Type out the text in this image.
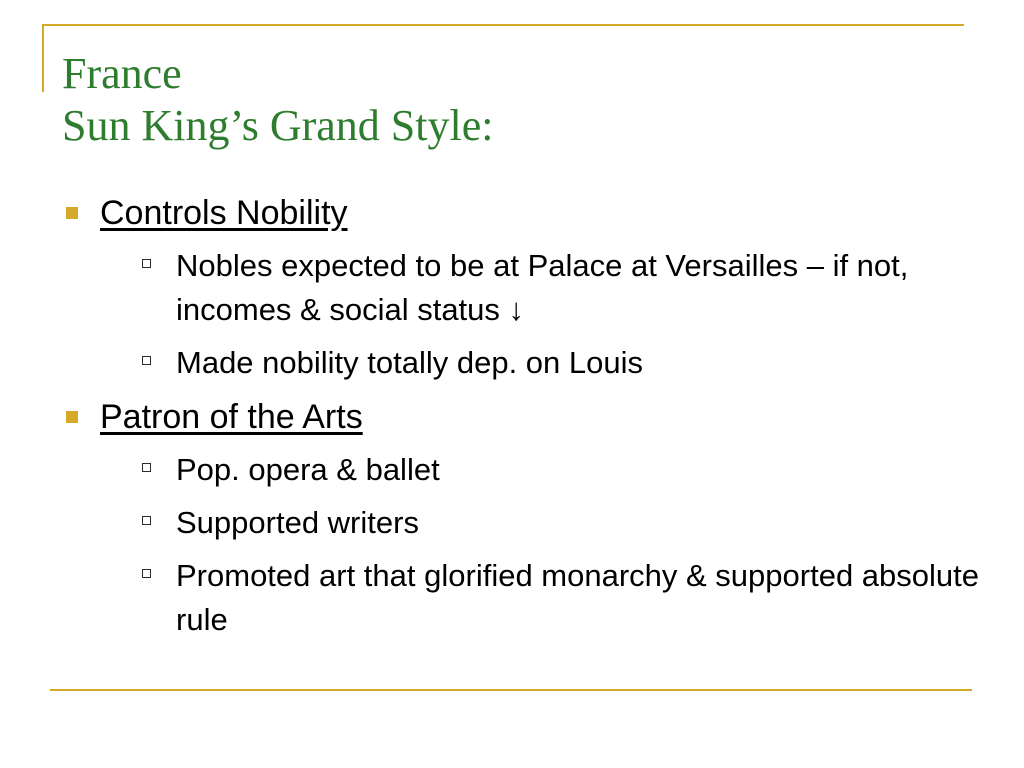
France
Sun King’s Grand Style:
Controls Nobility
Nobles expected to be at Palace at Versailles – if not, incomes & social status ↓
Made nobility totally dep. on Louis
Patron of the Arts
Pop. opera & ballet
Supported writers
Promoted art that glorified monarchy & supported absolute rule
